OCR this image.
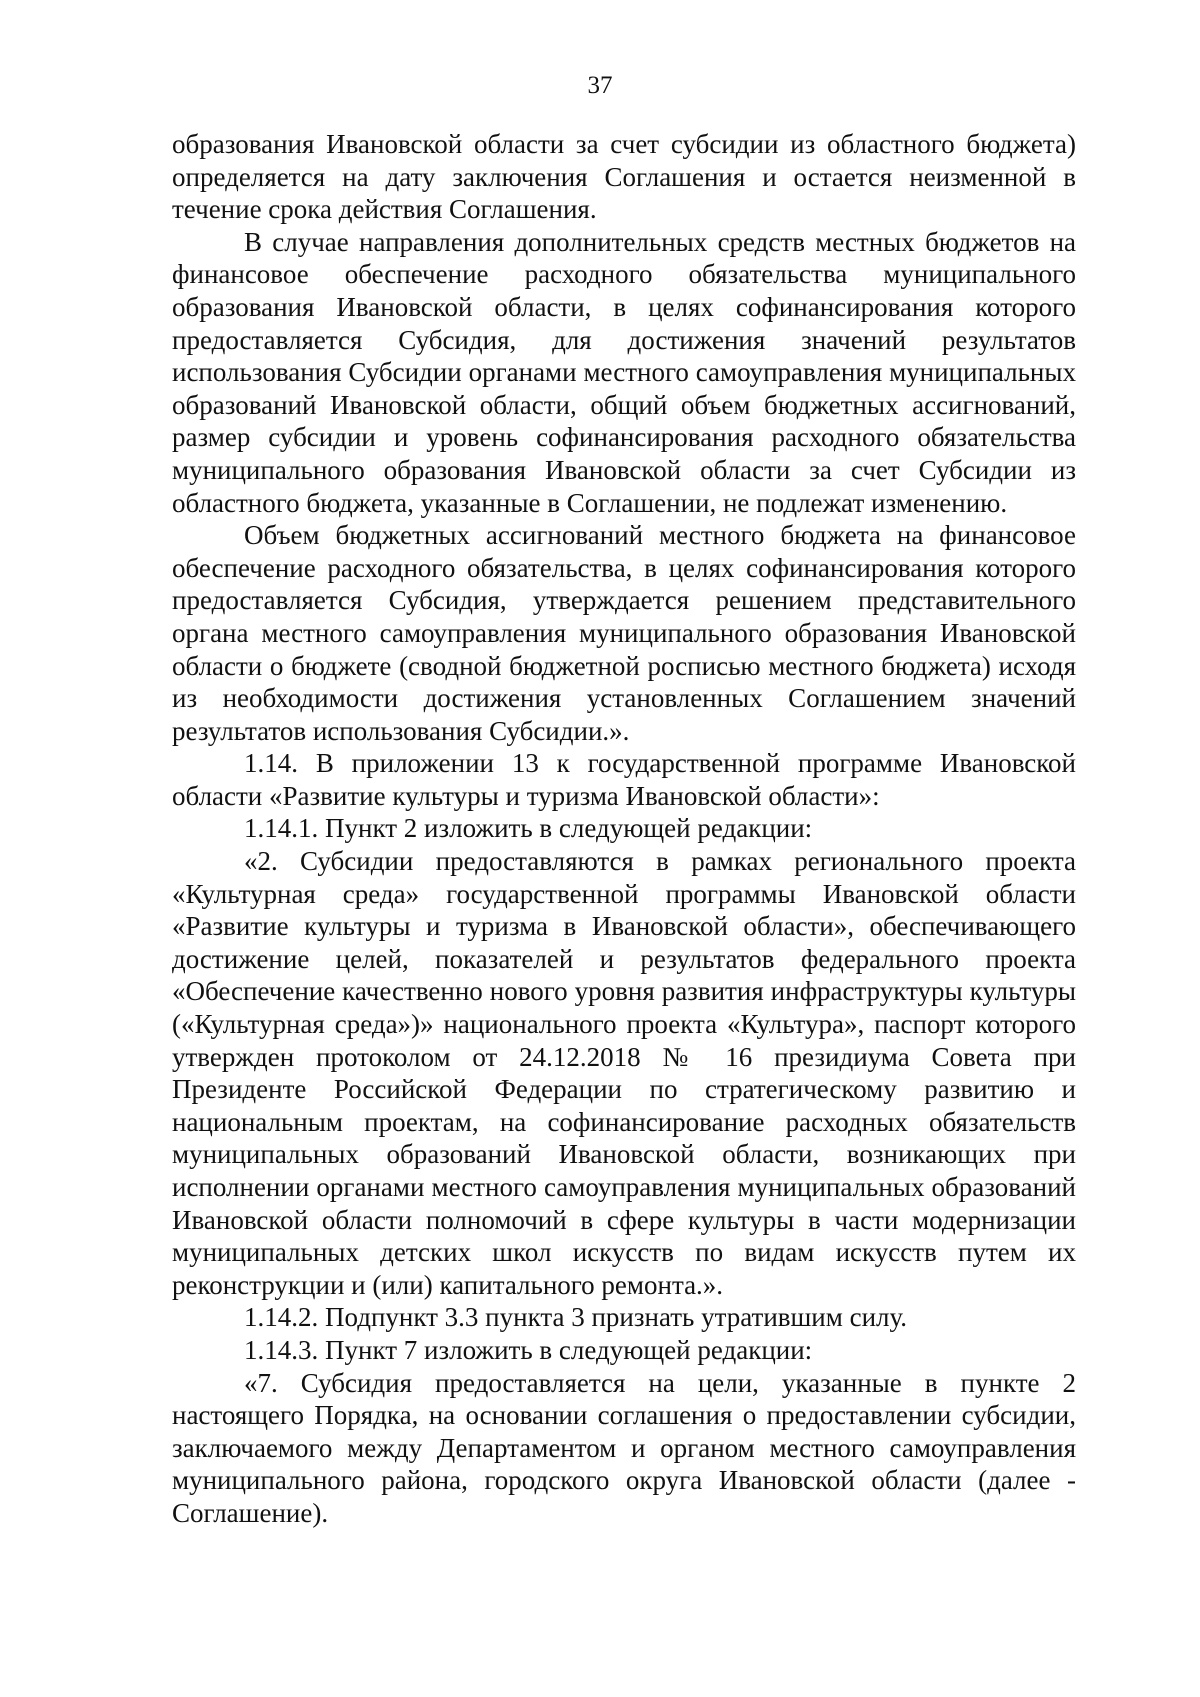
37

образования Ивановской области за счет субсидии из областного бюджета) определяется на дату заключения Соглашения и остается неизменной в течение срока действия Соглашения.

В случае направления дополнительных средств местных бюджетов на финансовое обеспечение расходного обязательства муниципального образования Ивановской области, в целях софинансирования которого предоставляется Субсидия, для достижения значений результатов использования Субсидии органами местного самоуправления муниципальных образований Ивановской области, общий объем бюджетных ассигнований, размер субсидии и уровень софинансирования расходного обязательства муниципального образования Ивановской области за счет Субсидии из областного бюджета, указанные в Соглашении, не подлежат изменению.

Объем бюджетных ассигнований местного бюджета на финансовое обеспечение расходного обязательства, в целях софинансирования которого предоставляется Субсидия, утверждается решением представительного органа местного самоуправления муниципального образования Ивановской области о бюджете (сводной бюджетной росписью местного бюджета) исходя из необходимости достижения установленных Соглашением значений результатов использования Субсидии.».

1.14. В приложении 13 к государственной программе Ивановской области «Развитие культуры и туризма Ивановской области»:

1.14.1. Пункт 2 изложить в следующей редакции:

«2. Субсидии предоставляются в рамках регионального проекта «Культурная среда» государственной программы Ивановской области «Развитие культуры и туризма в Ивановской области», обеспечивающего достижение целей, показателей и результатов федерального проекта «Обеспечение качественно нового уровня развития инфраструктуры культуры («Культурная среда»)» национального проекта «Культура», паспорт которого утвержден протоколом от 24.12.2018 № 16 президиума Совета при Президенте Российской Федерации по стратегическому развитию и национальным проектам, на софинансирование расходных обязательств муниципальных образований Ивановской области, возникающих при исполнении органами местного самоуправления муниципальных образований Ивановской области полномочий в сфере культуры в части модернизации муниципальных детских школ искусств по видам искусств путем их реконструкции и (или) капитального ремонта.».

1.14.2. Подпункт 3.3 пункта 3 признать утратившим силу.

1.14.3. Пункт 7 изложить в следующей редакции:

«7. Субсидия предоставляется на цели, указанные в пункте 2 настоящего Порядка, на основании соглашения о предоставлении субсидии, заключаемого между Департаментом и органом местного самоуправления муниципального района, городского округа Ивановской области (далее - Соглашение).
